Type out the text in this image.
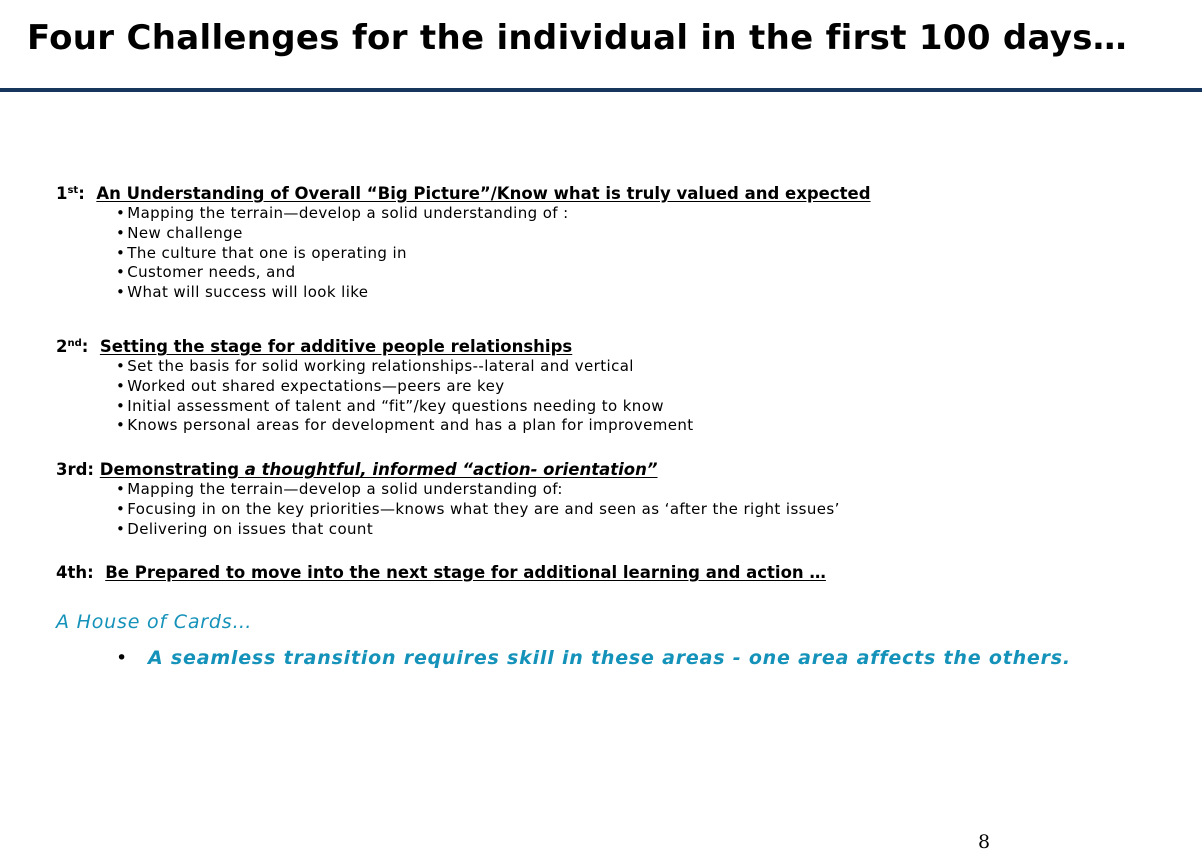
Four Challenges for the individual in the first 100 days…
1st: An Understanding of Overall “Big Picture”/Know what is truly valued and expected
• Mapping the terrain—develop a solid understanding of :
• New challenge
• The culture that one is operating in
• Customer needs, and
• What will success will look like
2nd: Setting the stage for additive people relationships
• Set the basis for solid working relationships--lateral and vertical
• Worked out shared expectations—peers are key
• Initial assessment of talent and “fit”/key questions needing to know
• Knows personal areas for development and has a plan for improvement
3rd: Demonstrating a thoughtful, informed “action- orientation”
• Mapping the terrain—develop a solid understanding of:
• Focusing in on the key priorities—knows what they are and seen as ‘after the right issues’
• Delivering on issues that count
4th: Be Prepared to move into the next stage for additional learning and action …
A House of Cards…
• A seamless transition requires skill in these areas - one area affects the others.
8
